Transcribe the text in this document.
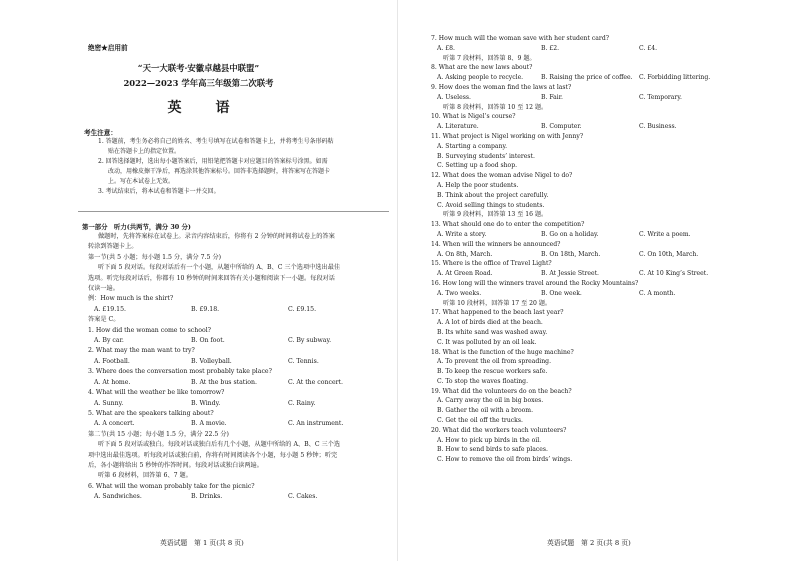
绝密★启用前
“天一大联考·安徽卓越县中联盟”
2022—2023 学年高三年级第二次联考
英　语
考生注意：
1. 答题前，考生务必将自己的姓名、考生号填写在试卷和答题卡上，并将考生号条形码粘
贴在答题卡上的指定位置。
2. 回答选择题时，选出每小题答案后，用铅笔把答题卡对应题目的答案标号涂黑。如需
改动，用橡皮擦干净后，再选涂其他答案标号。回答非选择题时，将答案写在答题卡
上。写在本试卷上无效。
3. 考试结束后，将本试卷和答题卡一并交回。
第一部分　听力(共两节，满分 30 分)
做题时，先将答案标在试卷上。录音内容结束后，你将有 2 分钟的时间将试卷上的答案
转涂到答题卡上。
第一节(共 5 小题；每小题 1.5 分，满分 7.5 分)
听下面 5 段对话。每段对话后有一个小题，从题中所给的 A、B、C 三个选项中选出最佳
选项。听完每段对话后，你都有 10 秒钟的时间来回答有关小题和阅读下一小题。每段对话
仅读一遍。
例：How much is the shirt?
A. £19.15.	B. £9.18.	C. £9.15.
答案是 C。
1. How did the woman come to school?
A. By car.	B. On foot.	C. By subway.
2. What may the man want to try?
A. Football.	B. Volleyball.	C. Tennis.
3. Where does the conversation most probably take place?
A. At home.	B. At the bus station.	C. At the concert.
4. What will the weather be like tomorrow?
A. Sunny.	B. Windy.	C. Rainy.
5. What are the speakers talking about?
A. A concert.	B. A movie.	C. An instrument.
第二节(共 15 小题；每小题 1.5 分，满分 22.5 分)
听下面 5 段对话或独白。每段对话或独白后有几个小题，从题中所给的 A、B、C 三个选
项中选出最佳选项。听每段对话或独白前，你将有时间阅读各个小题，每小题 5 秒钟；听完
后，各小题将给出 5 秒钟的作答时间。每段对话或独白读两遍。
听第 6 段材料，回答第 6、7 题。
6. What will the woman probably take for the picnic?
A. Sandwiches.	B. Drinks.	C. Cakes.
英语试题　第 1 页(共 8 页)
7. How much will the woman save with her student card?
A. £8.	B. £2.	C. £4.
听第 7 段材料，回答第 8、9 题。
8. What are the new laws about?
A. Asking people to recycle.	B. Raising the price of coffee.	C. Forbidding littering.
9. How does the woman find the laws at last?
A. Useless.	B. Fair.	C. Temporary.
听第 8 段材料，回答第 10 至 12 题。
10. What is Nigel’s course?
A. Literature.	B. Computer.	C. Business.
11. What project is Nigel working on with Jenny?
A. Starting a company.
B. Surveying students’ interest.
C. Setting up a food shop.
12. What does the woman advise Nigel to do?
A. Help the poor students.
B. Think about the project carefully.
C. Avoid selling things to students.
听第 9 段材料，回答第 13 至 16 题。
13. What should one do to enter the competition?
A. Write a story.	B. Go on a holiday.	C. Write a poem.
14. When will the winners be announced?
A. On 8th, March.	B. On 18th, March.	C. On 10th, March.
15. Where is the office of Travel Light?
A. At Green Road.	B. At Jessie Street.	C. At 10 King’s Street.
16. How long will the winners travel around the Rocky Mountains?
A. Two weeks.	B. One week.	C. A month.
听第 10 段材料，回答第 17 至 20 题。
17. What happened to the beach last year?
A. A lot of birds died at the beach.
B. Its white sand was washed away.
C. It was polluted by an oil leak.
18. What is the function of the huge machine?
A. To prevent the oil from spreading.
B. To keep the rescue workers safe.
C. To stop the waves floating.
19. What did the volunteers do on the beach?
A. Carry away the oil in big boxes.
B. Gather the oil with a broom.
C. Get the oil off the trucks.
20. What did the workers teach volunteers?
A. How to pick up birds in the oil.
B. How to send birds to safe places.
C. How to remove the oil from birds’ wings.
英语试题　第 2 页(共 8 页)
